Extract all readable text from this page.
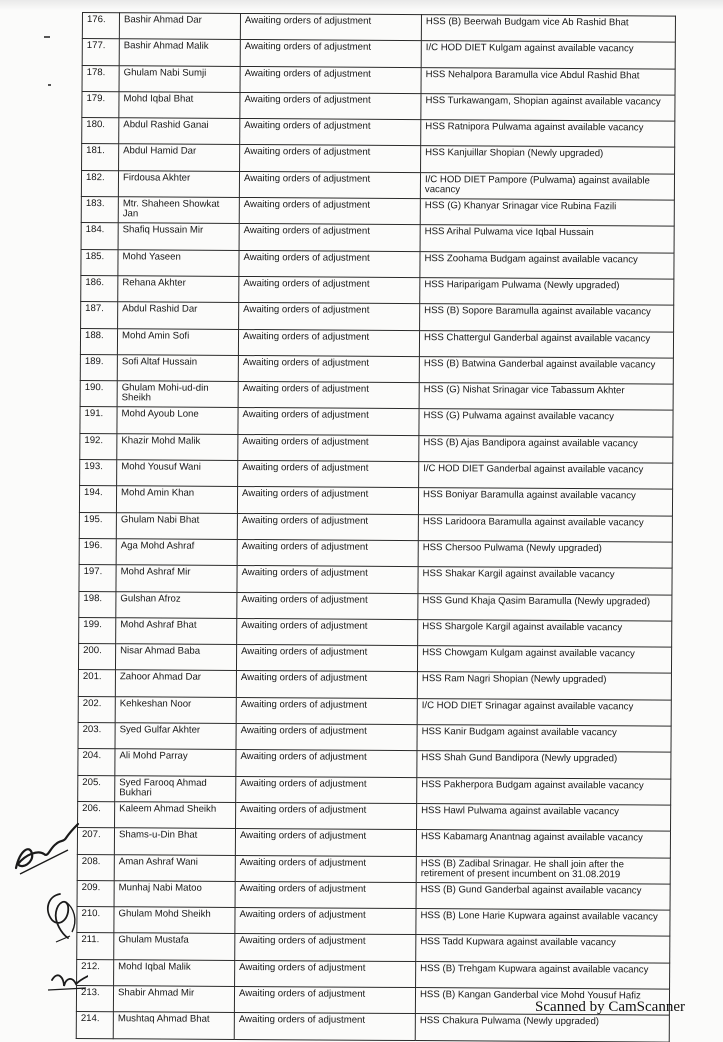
176.	Bashir Ahmad Dar	Awaiting orders of adjustment	HSS (B) Beerwah Budgam vice Ab Rashid Bhat
177.	Bashir Ahmad Malik	Awaiting orders of adjustment	I/C HOD DIET Kulgam against available vacancy
178.	Ghulam Nabi Sumji	Awaiting orders of adjustment	HSS Nehalpora Baramulla vice Abdul Rashid Bhat
179.	Mohd Iqbal Bhat	Awaiting orders of adjustment	HSS Turkawangam, Shopian against available vacancy
180.	Abdul Rashid Ganai	Awaiting orders of adjustment	HSS Ratnipora Pulwama against available vacancy
181.	Abdul Hamid Dar	Awaiting orders of adjustment	HSS Kanjuillar Shopian (Newly upgraded)
182.	Firdousa Akhter	Awaiting orders of adjustment	I/C HOD DIET Pampore (Pulwama) against available vacancy
183.	Mtr. Shaheen Showkat Jan	Awaiting orders of adjustment	HSS (G) Khanyar Srinagar vice Rubina Fazili
184.	Shafiq Hussain Mir	Awaiting orders of adjustment	HSS Arihal Pulwama vice Iqbal Hussain
185.	Mohd Yaseen	Awaiting orders of adjustment	HSS Zoohama Budgam against available vacancy
186.	Rehana Akhter	Awaiting orders of adjustment	HSS Hariparigam Pulwama (Newly upgraded)
187.	Abdul Rashid Dar	Awaiting orders of adjustment	HSS (B) Sopore Baramulla against available vacancy
188.	Mohd Amin Sofi	Awaiting orders of adjustment	HSS Chattergul Ganderbal against available vacancy
189.	Sofi Altaf Hussain	Awaiting orders of adjustment	HSS (B) Batwina Ganderbal against available vacancy
190.	Ghulam Mohi-ud-din Sheikh	Awaiting orders of adjustment	HSS (G) Nishat Srinagar vice Tabassum Akhter
191.	Mohd Ayoub Lone	Awaiting orders of adjustment	HSS (G) Pulwama against available vacancy
192.	Khazir Mohd Malik	Awaiting orders of adjustment	HSS (B) Ajas Bandipora against available vacancy
193.	Mohd Yousuf Wani	Awaiting orders of adjustment	I/C HOD DIET Ganderbal against available vacancy
194.	Mohd Amin Khan	Awaiting orders of adjustment	HSS Boniyar Baramulla against available vacancy
195.	Ghulam Nabi Bhat	Awaiting orders of adjustment	HSS Laridoora Baramulla against available vacancy
196.	Aga Mohd Ashraf	Awaiting orders of adjustment	HSS Chersoo Pulwama (Newly upgraded)
197.	Mohd Ashraf Mir	Awaiting orders of adjustment	HSS Shakar Kargil against available vacancy
198.	Gulshan Afroz	Awaiting orders of adjustment	HSS Gund Khaja Qasim Baramulla (Newly upgraded)
199.	Mohd Ashraf Bhat	Awaiting orders of adjustment	HSS Shargole Kargil against available vacancy
200.	Nisar Ahmad Baba	Awaiting orders of adjustment	HSS Chowgam Kulgam against available vacancy
201.	Zahoor Ahmad Dar	Awaiting orders of adjustment	HSS Ram Nagri Shopian (Newly upgraded)
202.	Kehkeshan Noor	Awaiting orders of adjustment	I/C HOD DIET Srinagar against available vacancy
203.	Syed Gulfar Akhter	Awaiting orders of adjustment	HSS Kanir Budgam against available vacancy
204.	Ali Mohd Parray	Awaiting orders of adjustment	HSS Shah Gund Bandipora (Newly upgraded)
205.	Syed Farooq Ahmad Bukhari	Awaiting orders of adjustment	HSS Pakherpora Budgam against available vacancy
206.	Kaleem Ahmad Sheikh	Awaiting orders of adjustment	HSS Hawl Pulwama against available vacancy
207.	Shams-u-Din Bhat	Awaiting orders of adjustment	HSS Kabamarg Anantnag against available vacancy
208.	Aman Ashraf Wani	Awaiting orders of adjustment	HSS (B) Zadibal Srinagar. He shall join after the retirement of present incumbent on 31.08.2019
209.	Munhaj Nabi Matoo	Awaiting orders of adjustment	HSS (B) Gund Ganderbal against available vacancy
210.	Ghulam Mohd Sheikh	Awaiting orders of adjustment	HSS (B) Lone Harie Kupwara against available vacancy
211.	Ghulam Mustafa	Awaiting orders of adjustment	HSS Tadd Kupwara against available vacancy
212.	Mohd Iqbal Malik	Awaiting orders of adjustment	HSS (B) Trehgam Kupwara against available vacancy
213.	Shabir Ahmad Mir	Awaiting orders of adjustment	HSS (B) Kangan Ganderbal vice Mohd Yousuf Hafiz
214.	Mushtaq Ahmad Bhat	Awaiting orders of adjustment	HSS Chakura Pulwama (Newly upgraded)
Scanned by CamScanner
